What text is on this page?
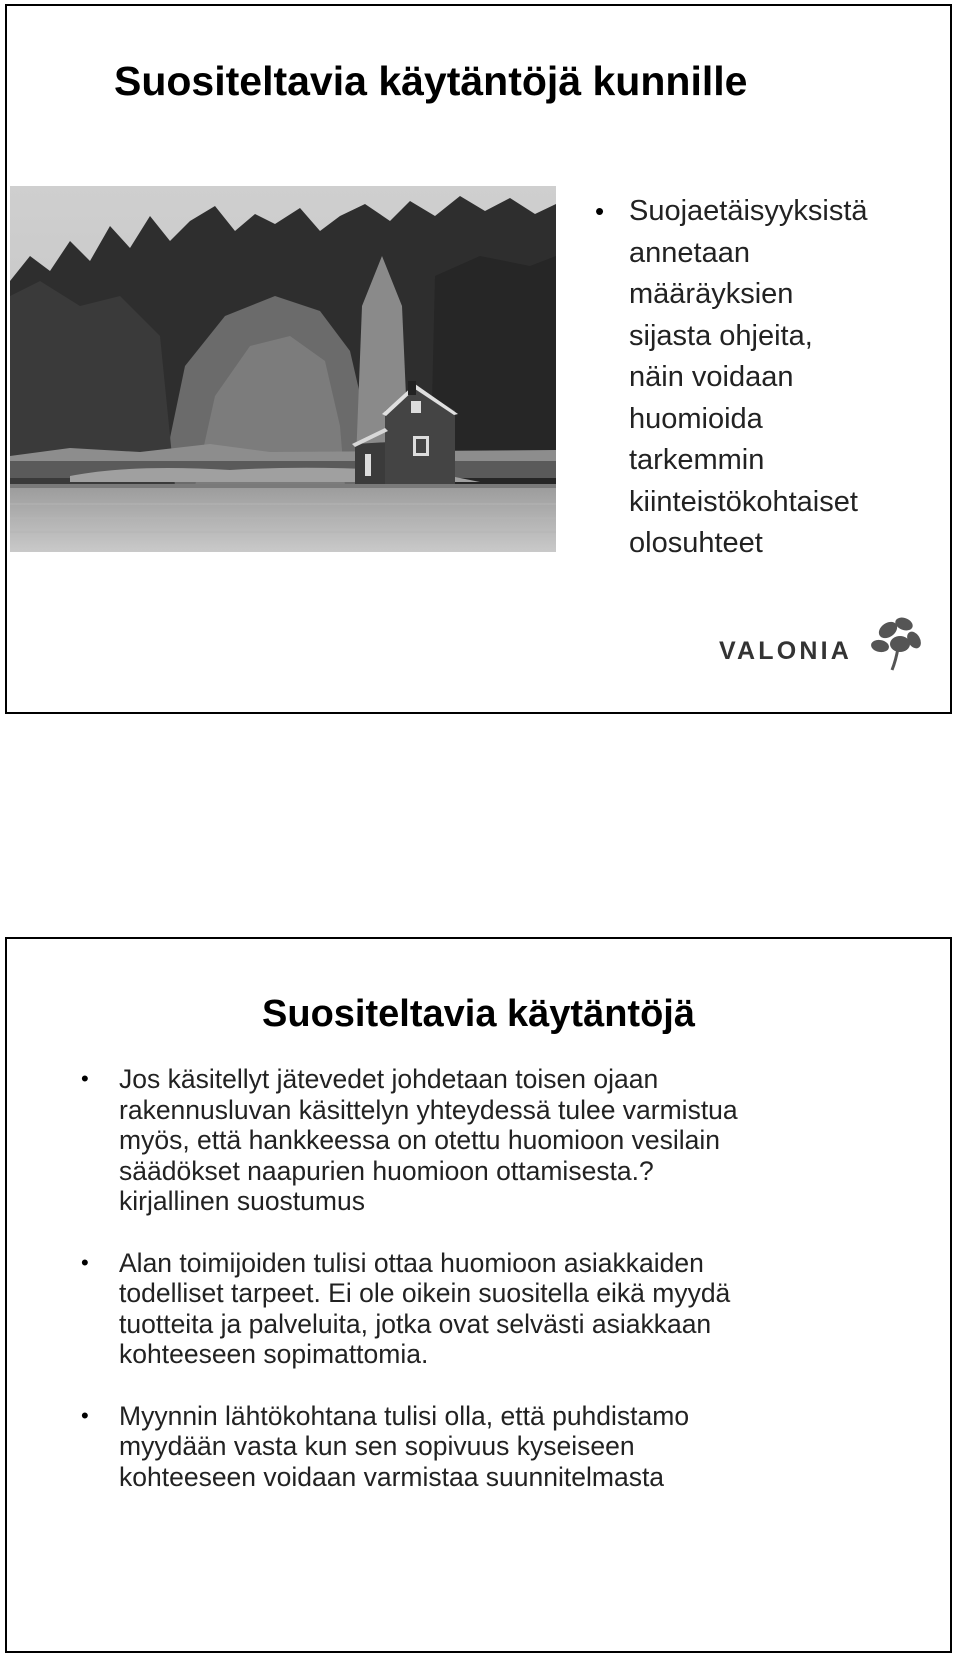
Suositeltavia käytäntöjä kunnille
• Suojaetäisyyksistä
annetaan
määräyksien
sijasta ohjeita,
näin voidaan
huomioida
tarkemmin
kiinteistökohtaiset
olosuhteet
VALONIA
Suositeltavia käytäntöjä
• Jos käsitellyt jätevedet johdetaan toisen ojaan
rakennusluvan käsittelyn yhteydessä tulee varmistua
myös, että hankkeessa on otettu huomioon vesilain
säädökset naapurien huomioon ottamisesta.?
kirjallinen suostumus
• Alan toimijoiden tulisi ottaa huomioon asiakkaiden
todelliset tarpeet. Ei ole oikein suositella eikä myydä
tuotteita ja palveluita, jotka ovat selvästi asiakkaan
kohteeseen sopimattomia.
• Myynnin lähtökohtana tulisi olla, että puhdistamo
myydään vasta kun sen sopivuus kyseiseen
kohteeseen voidaan varmistaa suunnitelmasta
